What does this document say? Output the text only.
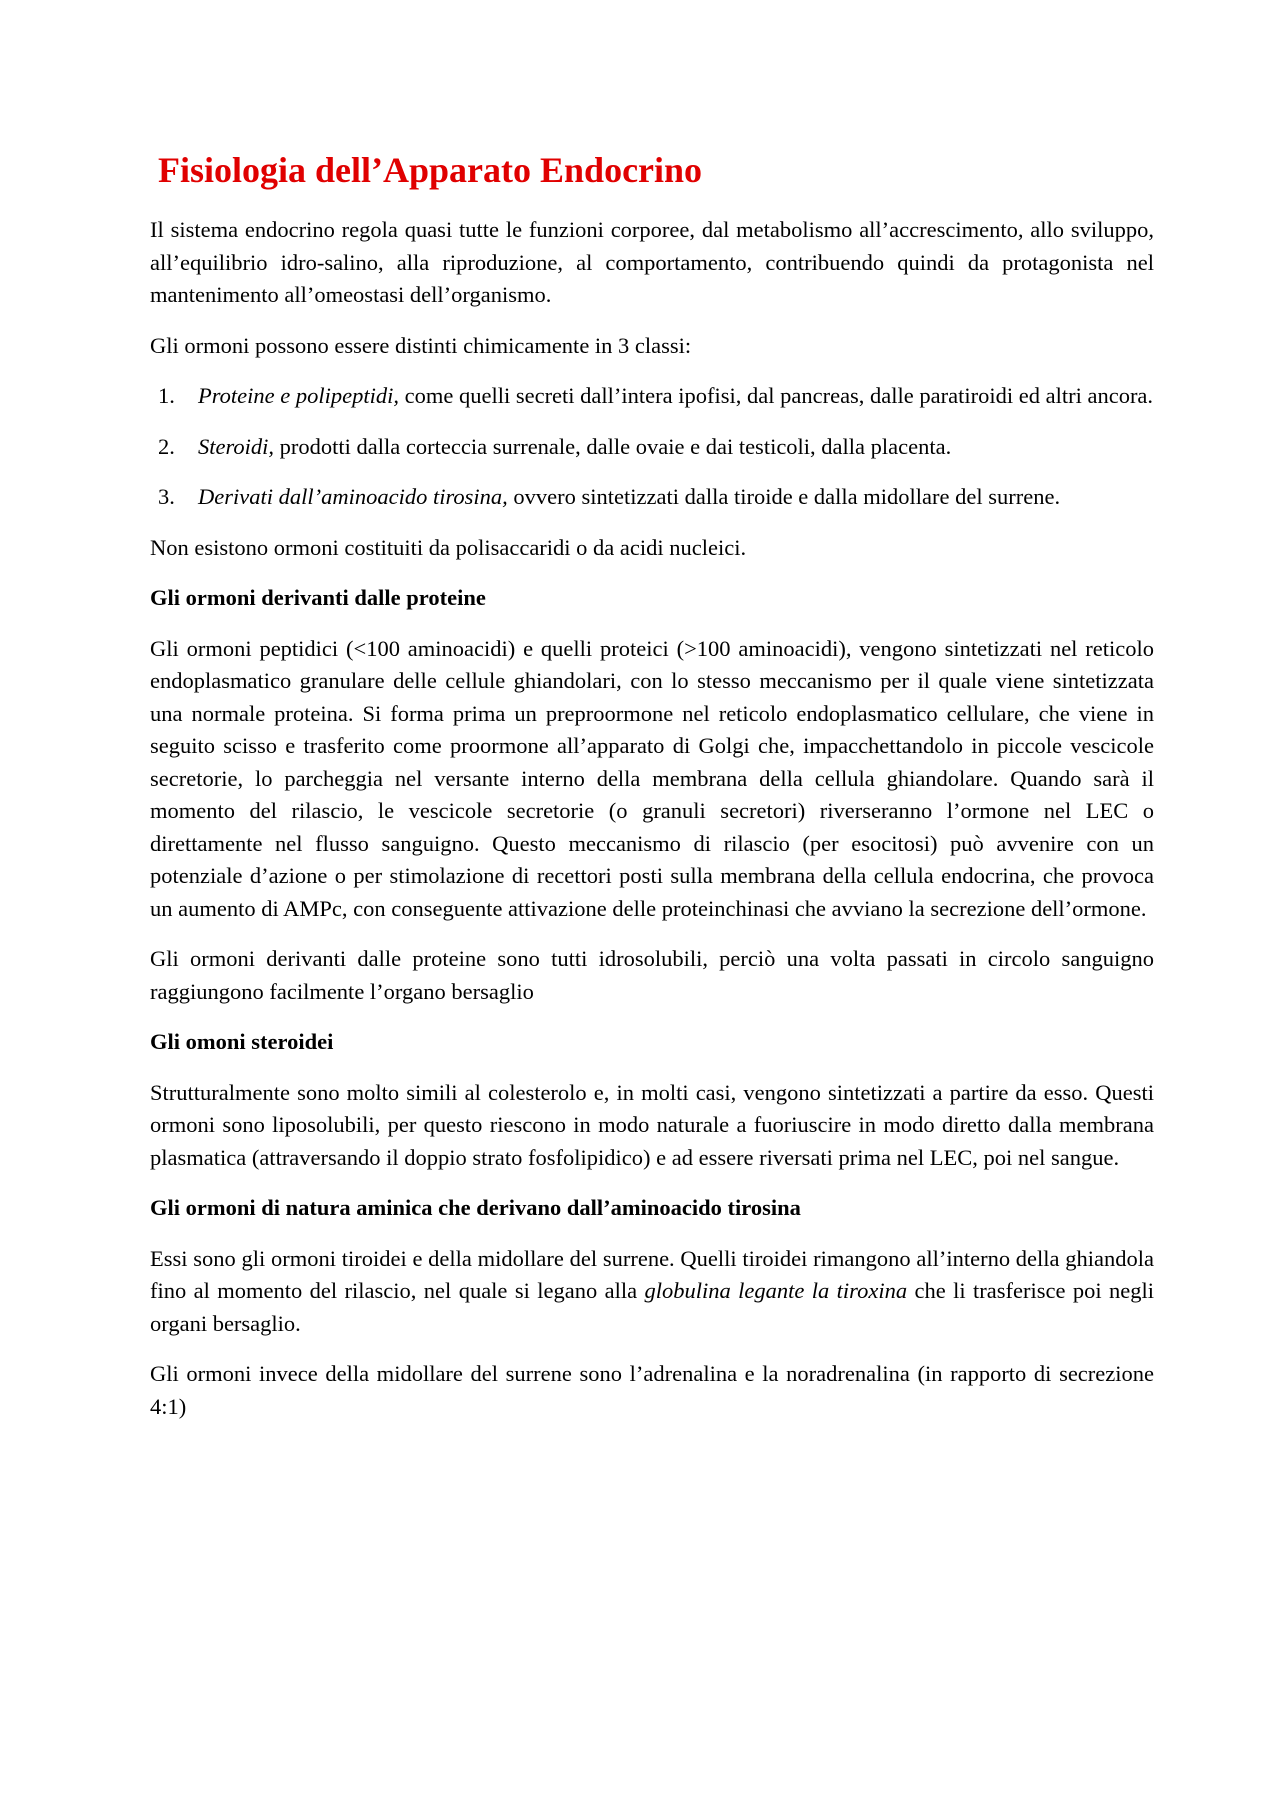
Fisiologia dell’Apparato Endocrino

Il sistema endocrino regola quasi tutte le funzioni corporee, dal metabolismo all’accrescimento, allo sviluppo, all’equilibrio idro-salino, alla riproduzione, al comportamento, contribuendo quindi da protagonista nel mantenimento all’omeostasi dell’organismo.

Gli ormoni possono essere distinti chimicamente in 3 classi:

1. Proteine e polipeptidi, come quelli secreti dall’intera ipofisi, dal pancreas, dalle paratiroidi ed altri ancora.
2. Steroidi, prodotti dalla corteccia surrenale, dalle ovaie e dai testicoli, dalla placenta.
3. Derivati dall’aminoacido tirosina, ovvero sintetizzati dalla tiroide e dalla midollare del surrene.

Non esistono ormoni costituiti da polisaccaridi o da acidi nucleici.

Gli ormoni derivanti dalle proteine

Gli ormoni peptidici (<100 aminoacidi) e quelli proteici (>100 aminoacidi), vengono sintetizzati nel reticolo endoplasmatico granulare delle cellule ghiandolari, con lo stesso meccanismo per il quale viene sintetizzata una normale proteina. Si forma prima un preproormone nel reticolo endoplasmatico cellulare, che viene in seguito scisso e trasferito come proormone all’apparato di Golgi che, impacchettandolo in piccole vescicole secretorie, lo parcheggia nel versante interno della membrana della cellula ghiandolare. Quando sarà il momento del rilascio, le vescicole secretorie (o granuli secretori) riverseranno l’ormone nel LEC o direttamente nel flusso sanguigno. Questo meccanismo di rilascio (per esocitosi) può avvenire con un potenziale d’azione o per stimolazione di recettori posti sulla membrana della cellula endocrina, che provoca un aumento di AMPc, con conseguente attivazione delle proteinchinasi che avviano la secrezione dell’ormone.

Gli ormoni derivanti dalle proteine sono tutti idrosolubili, perciò una volta passati in circolo sanguigno raggiungono facilmente l’organo bersaglio

Gli omoni steroidei

Strutturalmente sono molto simili al colesterolo e, in molti casi, vengono sintetizzati a partire da esso. Questi ormoni sono liposolubili, per questo riescono in modo naturale a fuoriuscire in modo diretto dalla membrana plasmatica (attraversando il doppio strato fosfolipidico) e ad essere riversati prima nel LEC, poi nel sangue.

Gli ormoni di natura aminica che derivano dall’aminoacido tirosina

Essi sono gli ormoni tiroidei e della midollare del surrene. Quelli tiroidei rimangono all’interno della ghiandola fino al momento del rilascio, nel quale si legano alla globulina legante la tiroxina che li trasferisce poi negli organi bersaglio.

Gli ormoni invece della midollare del surrene sono l’adrenalina e la noradrenalina (in rapporto di secrezione 4:1)
